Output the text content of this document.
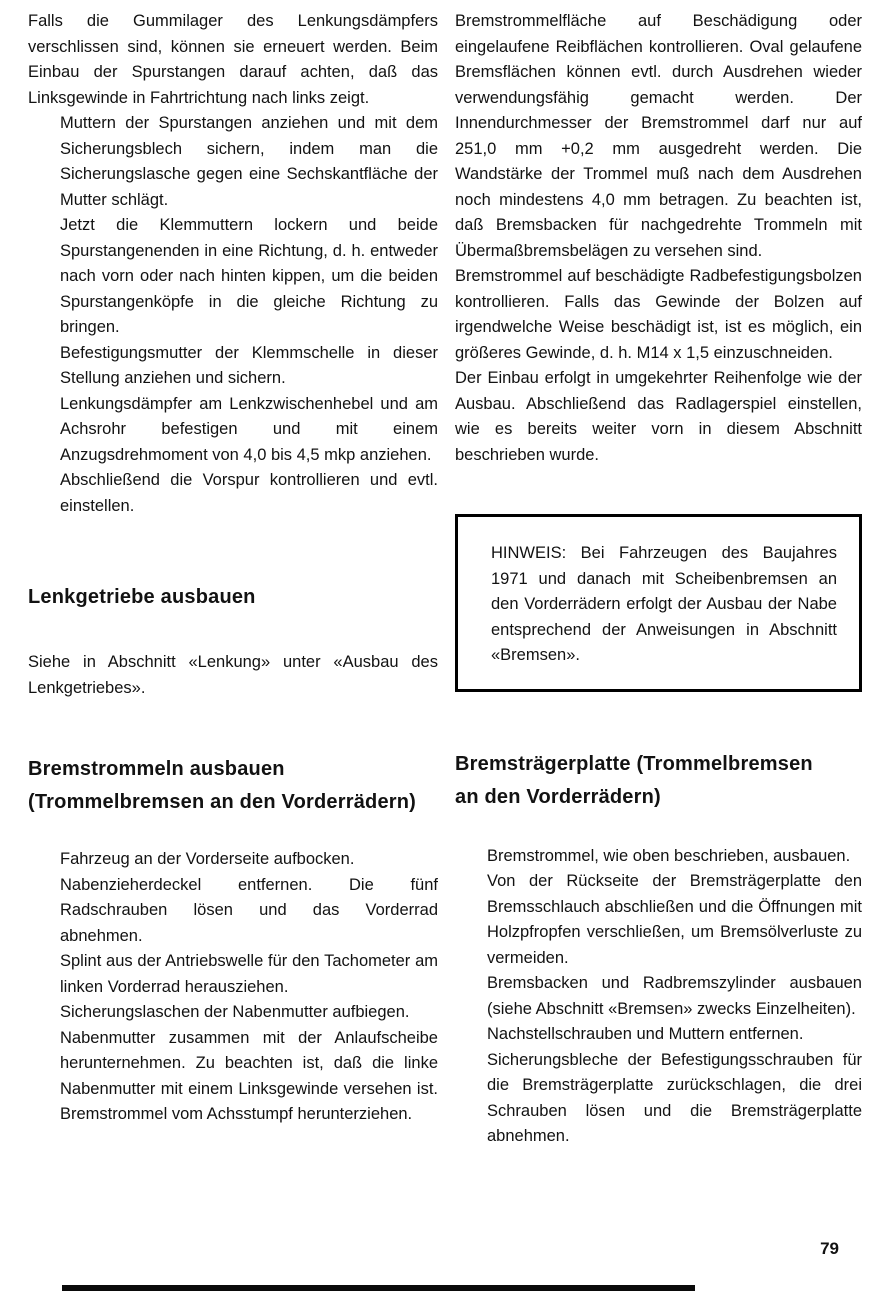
Falls die Gummilager des Lenkungsdämpfers verschlissen sind, können sie erneuert werden. Beim Einbau der Spurstangen darauf achten, daß das Linksgewinde in Fahrtrichtung nach links zeigt.

Muttern der Spurstangen anziehen und mit dem Sicherungsblech sichern, indem man die Sicherungslasche gegen eine Sechskantfläche der Mutter schlägt.
Jetzt die Klemmuttern lockern und beide Spurstangenenden in eine Richtung, d. h. entweder nach vorn oder nach hinten kippen, um die beiden Spurstangenköpfe in die gleiche Richtung zu bringen.
Befestigungsmutter der Klemmschelle in dieser Stellung anziehen und sichern.
Lenkungsdämpfer am Lenkzwischenhebel und am Achsrohr befestigen und mit einem Anzugsdrehmoment von 4,0 bis 4,5 mkp anziehen.
Abschließend die Vorspur kontrollieren und evtl. einstellen.
Lenkgetriebe ausbauen

Siehe in Abschnitt «Lenkung» unter «Ausbau des Lenkgetriebes».

Bremstrommeln ausbauen
(Trommelbremsen an den Vorderrädern)
Fahrzeug an der Vorderseite aufbocken.
Nabenzieherdeckel entfernen. Die fünf Radschrauben lösen und das Vorderrad abnehmen.
Splint aus der Antriebswelle für den Tachometer am linken Vorderrad herausziehen.
Sicherungslaschen der Nabenmutter aufbiegen.
Nabenmutter zusammen mit der Anlaufscheibe herunternehmen. Zu beachten ist, daß die linke Nabenmutter mit einem Linksgewinde versehen ist. Bremstrommel vom Achsstumpf herunterziehen.

Bremstrommelfläche auf Beschädigung oder eingelaufene Reibflächen kontrollieren. Oval gelaufene Bremsflächen können evtl. durch Ausdrehen wieder verwendungsfähig gemacht werden. Der Innendurchmesser der Bremstrommel darf nur auf 251,0 mm +0,2 mm ausgedreht werden. Die Wandstärke der Trommel muß nach dem Ausdrehen noch mindestens 4,0 mm betragen. Zu beachten ist, daß Bremsbacken für nachgedrehte Trommeln mit Übermaßbremsbelägen zu versehen sind.

Bremstrommel auf beschädigte Radbefestigungsbolzen kontrollieren. Falls das Gewinde der Bolzen auf irgendwelche Weise beschädigt ist, ist es möglich, ein größeres Gewinde, d. h. M14 x 1,5 einzuschneiden.

Der Einbau erfolgt in umgekehrter Reihenfolge wie der Ausbau. Abschließend das Radlagerspiel einstellen, wie es bereits weiter vorn in diesem Abschnitt beschrieben wurde.

HINWEIS: Bei Fahrzeugen des Baujahres 1971 und danach mit Scheibenbremsen an den Vorderrädern erfolgt der Ausbau der Nabe entsprechend der Anweisungen in Abschnitt «Bremsen».

Bremsträgerplatte (Trommelbremsen
an den Vorderrädern)
Bremstrommel, wie oben beschrieben, ausbauen.
Von der Rückseite der Bremsträgerplatte den Bremsschlauch abschließen und die Öffnungen mit Holzpfropfen verschließen, um Bremsölverluste zu vermeiden.
Bremsbacken und Radbremszylinder ausbauen (siehe Abschnitt «Bremsen» zwecks Einzelheiten).
Nachstellschrauben und Muttern entfernen.
Sicherungsbleche der Befestigungsschrauben für die Bremsträgerplatte zurückschlagen, die drei Schrauben lösen und die Bremsträgerplatte abnehmen.
79
